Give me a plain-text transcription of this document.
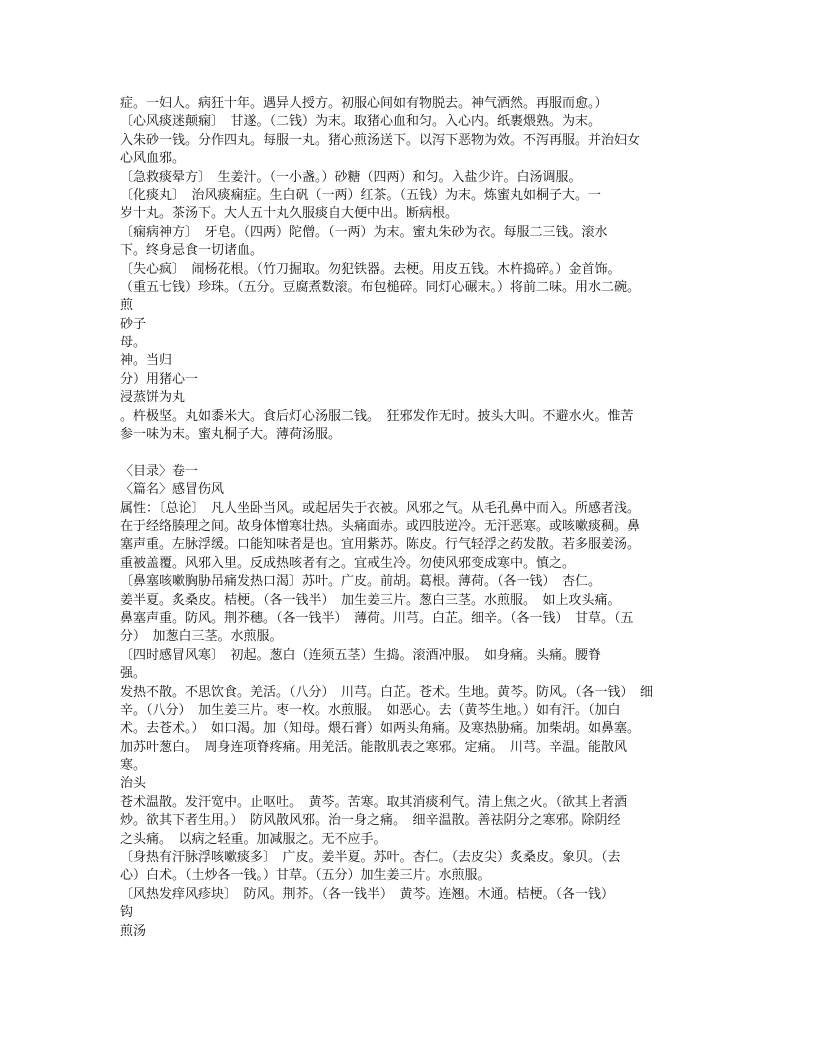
症。一妇人。病狂十年。遇异人授方。初服心间如有物脱去。神气洒然。再服而愈。）
〔心风痰迷颠痫〕　甘遂。（二钱）为末。取猪心血和匀。入心内。纸裹煨熟。为末。
入朱砂一钱。分作四丸。每服一丸。猪心煎汤送下。以泻下恶物为效。不泻再服。并治妇女
心风血邪。
〔急救痰晕方〕　生姜汁。（一小盏。）砂糖（四两）和匀。入盐少许。白汤调服。
〔化痰丸〕　治风痰痫症。生白矾（一两）红茶。（五钱）为末。炼蜜丸如桐子大。一
岁十丸。茶汤下。大人五十丸久服痰自大便中出。断病根。
〔痫病神方〕　牙皂。（四两）陀僧。（一两）为末。蜜丸朱砂为衣。每服二三钱。滚水
下。终身忌食一切诸血。
〔失心疯〕　闹杨花根。（竹刀掘取。勿犯铁器。去梗。用皮五钱。木杵捣碎。）金首饰。
（重五七钱）珍珠。（五分。豆腐煮数滚。布包槌碎。同灯心碾末。）将前二味。用水二碗。
煎
砂子
母。
神。当归
分）用猪心一
浸蒸饼为丸
。杵极坚。丸如黍米大。食后灯心汤服二钱。　狂邪发作无时。披头大叫。不避水火。惟苦
参一味为末。蜜丸桐子大。薄荷汤服。
〈目录〉卷一
〈篇名〉感冒伤风
属性：〔总论〕　凡人坐卧当风。或起居失于衣被。风邪之气。从毛孔鼻中而入。所感者浅。
在于经络腠理之间。故身体憎寒壮热。头痛面赤。或四肢逆冷。无汗恶寒。或咳嗽痰稠。鼻
塞声重。左脉浮缓。口能知味者是也。宜用紫苏。陈皮。行气轻浮之药发散。若多服姜汤。
重被盖覆。风邪入里。反成热咳者有之。宜戒生冷。勿使风邪变成寒中。慎之。
〔鼻塞咳嗽胸胁吊痛发热口渴〕苏叶。广皮。前胡。葛根。薄荷。（各一钱）　杏仁。
姜半夏。炙桑皮。桔梗。（各一钱半）　加生姜三片。葱白三茎。水煎服。　如上攻头痛。
鼻塞声重。防风。荆芥穗。（各一钱半）　薄荷。川芎。白芷。细辛。（各一钱）　甘草。（五
分）　加葱白三茎。水煎服。
〔四时感冒风寒〕　初起。葱白（连须五茎）生捣。滚酒冲服。　如身痛。头痛。腰脊
强。
发热不散。不思饮食。羌活。（八分）　川芎。白芷。苍术。生地。黄芩。防风。（各一钱）　细
辛。（八分）　加生姜三片。枣一枚。水煎服。　如恶心。去（黄芩生地。）如有汗。（加白
术。去苍术。）　如口渴。加（知母。煨石膏）如两头角痛。及寒热胁痛。加柴胡。如鼻塞。
加苏叶葱白。　周身连项脊疼痛。用羌活。能散肌表之寒邪。定痛。　川芎。辛温。能散风
寒。
治头
苍术温散。发汗宽中。止呕吐。　黄芩。苦寒。取其消痰利气。清上焦之火。（欲其上者酒
炒。欲其下者生用。）　防风散风邪。治一身之痛。　细辛温散。善祛阴分之寒邪。除阴经
之头痛。　以病之轻重。加减服之。无不应手。
〔身热有汗脉浮咳嗽痰多〕　广皮。姜半夏。苏叶。杏仁。（去皮尖）炙桑皮。象贝。（去
心）白术。（土炒各一钱。）甘草。（五分）加生姜三片。水煎服。
〔风热发痒风疹块〕　防风。荆芥。（各一钱半）　黄芩。连翘。木通。桔梗。（各一钱）
钩
煎汤
